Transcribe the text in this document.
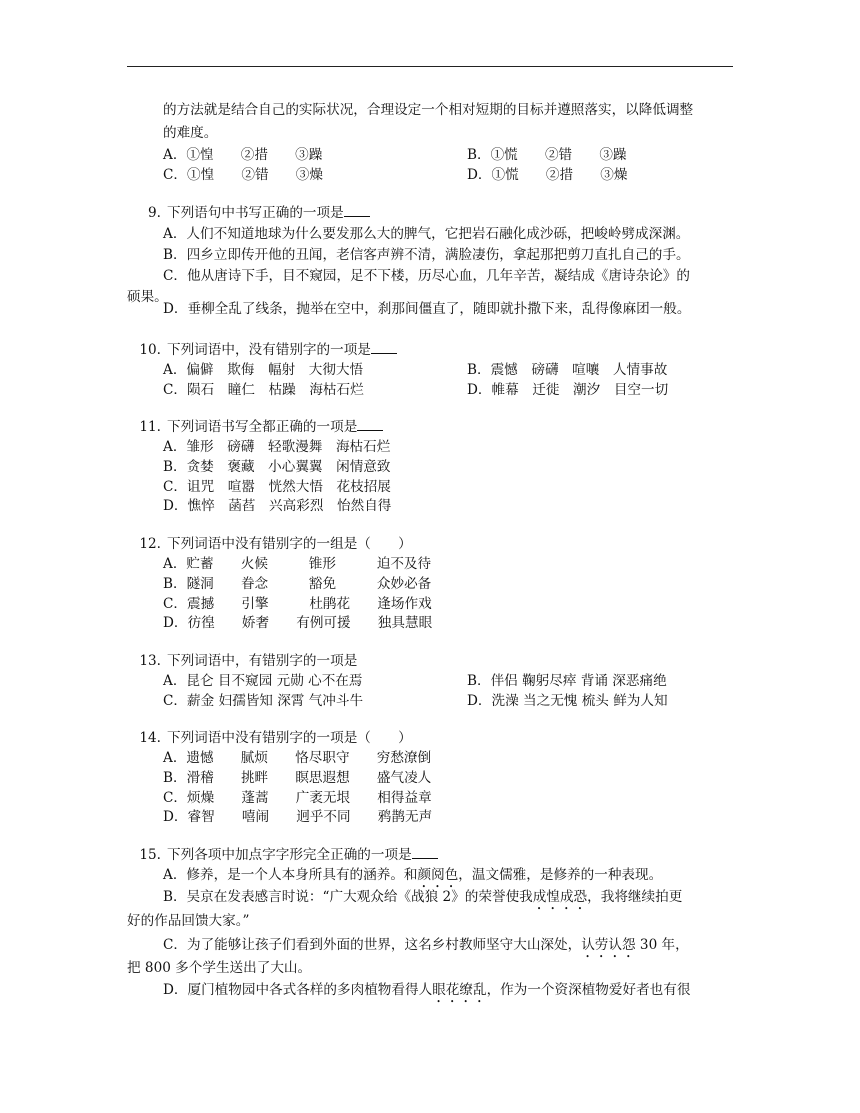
的方法就是结合自己的实际状况，合理设定一个相对短期的目标并遵照落实，以降低调整
的难度。
A．①惶　　②措　　③躁	B．①慌　　②错　　③躁
C．①惶　　②错　　③燥	D．①慌　　②措　　③燥
9. 下列语句中书写正确的一项是
A．人们不知道地球为什么要发那么大的脾气，它把岩石融化成沙砾，把峻岭劈成深渊。
B．四乡立即传开他的丑闻，老信客声辨不清，满脸凄伤，拿起那把剪刀直扎自己的手。
C．他从唐诗下手，目不窥园，足不下楼，历尽心血，几年辛苦，凝结成《唐诗杂论》的
硕果。
D．垂柳全乱了线条，抛举在空中，刹那间僵直了，随即就扑撒下来，乱得像麻团一般。
10. 下列词语中，没有错别字的一项是
A．偏僻　欺侮　幅射　大彻大悟	B．震憾　磅礴　喧嚷　人情事故
C．陨石　瞳仁　枯躁　海枯石烂	D．帷幕　迁徙　潮汐　目空一切
11. 下列词语书写全都正确的一项是
A．雏形　磅礴　轻歌漫舞　海枯石烂
B．贪婪　褒藏　小心翼翼　闲情意致
C．诅咒　喧嚣　恍然大悟　花枝招展
D．憔悴　菡萏　兴高彩烈　怡然自得
12. 下列词语中没有错别字的一组是（　　）
A．贮蓄　　火候　　　锥形　　　迫不及待
B．隧洞　　眷念　　　豁免　　　众妙必备
C．震撼　　引擎　　　杜鹃花　　逢场作戏
D．彷徨　　娇奢　　有例可援　　独具慧眼
13. 下列词语中，有错别字的一项是
A．昆仑 目不窥园 元勋 心不在焉	B．伴侣 鞠躬尽瘁 背诵 深恶痛绝
C．薪金 妇孺皆知 深霄 气冲斗牛	D．洗澡 当之无愧 梳头 鲜为人知
14. 下列词语中没有错别字的一项是（　　）
A．遗憾　　腻烦　　恪尽职守　　穷愁潦倒
B．滑稽　　挑畔　　瞑思遐想　　盛气凌人
C．烦燥　　蓬蒿　　广袤无垠　　相得益章
D．睿智　　嘻闹　　迥乎不同　　鸦鹊无声
15. 下列各项中加点字字形完全正确的一项是
A．修养，是一个人本身所具有的涵养。和颜阅色，温文儒雅，是修养的一种表现。
B．吴京在发表感言时说：“广大观众给《战狼 2》的荣誉使我成惶成恐，我将继续拍更
好的作品回馈大家。”
C．为了能够让孩子们看到外面的世界，这名乡村教师坚守大山深处，认劳认怨 30 年，
把 800 多个学生送出了大山。
D．厦门植物园中各式各样的多肉植物看得人眼花缭乱，作为一个资深植物爱好者也有很
